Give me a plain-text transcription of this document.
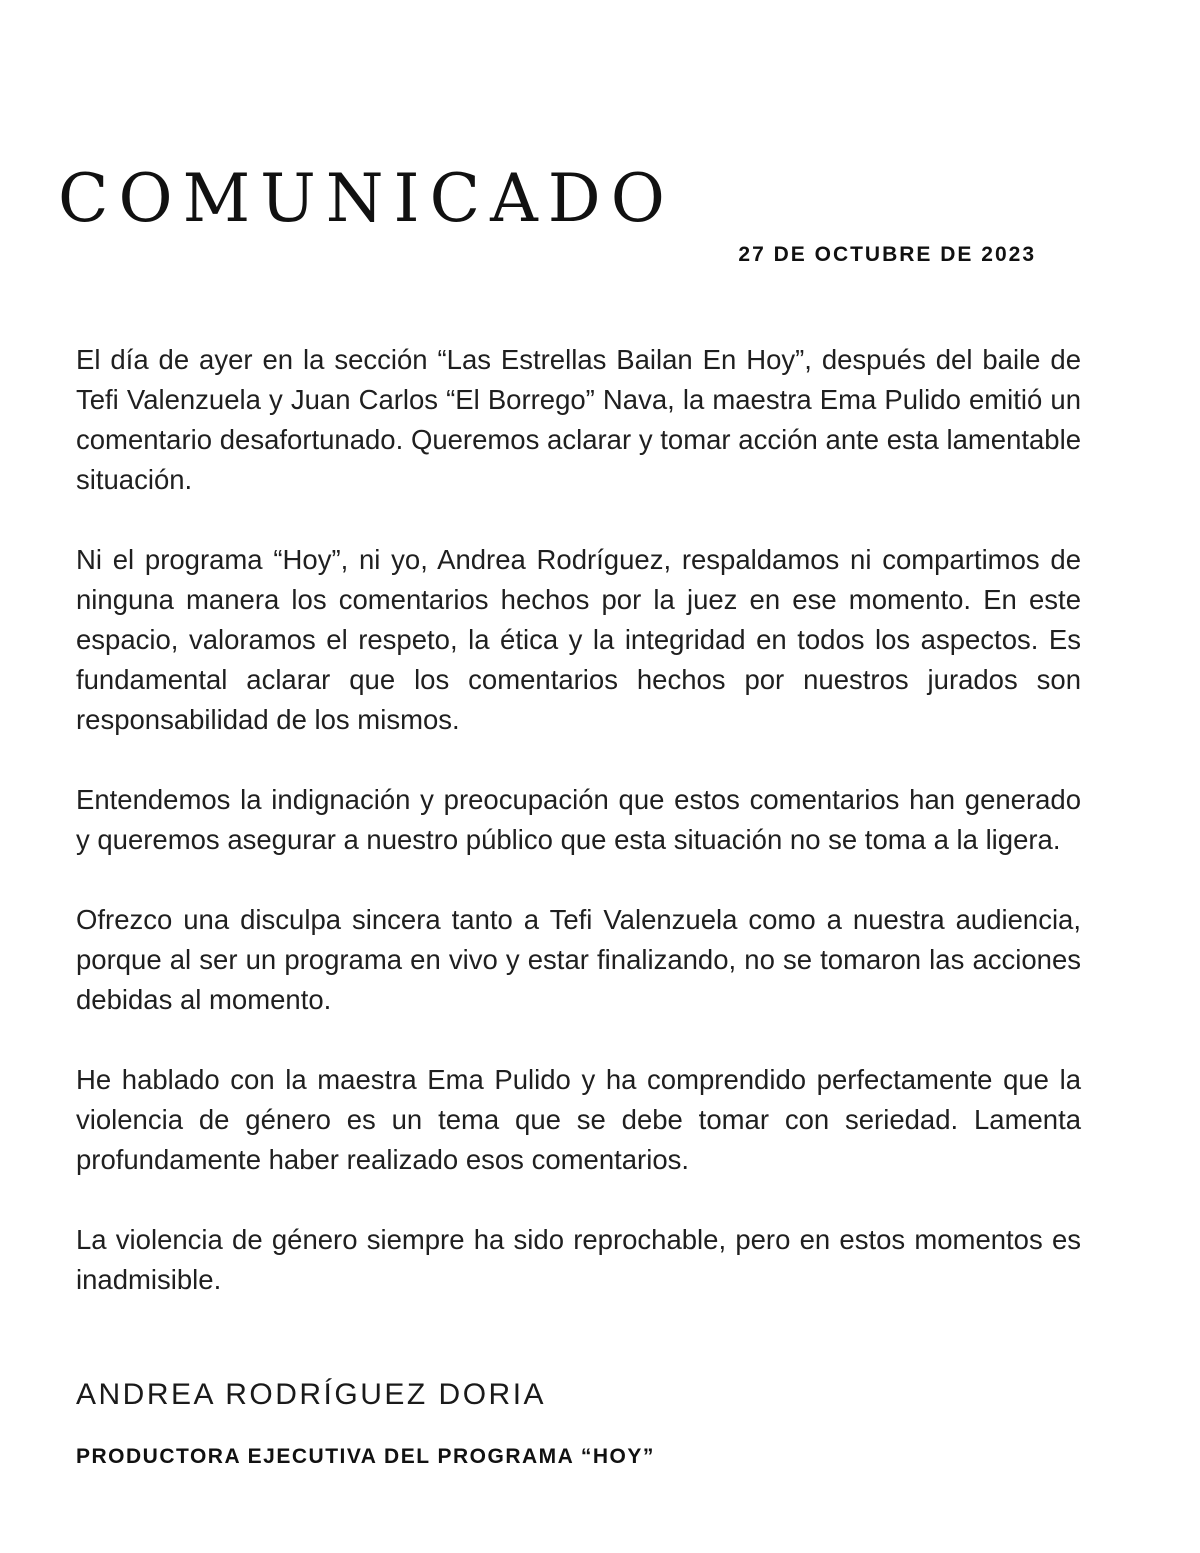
COMUNICADO
27 DE OCTUBRE DE 2023

El día de ayer en la sección “Las Estrellas Bailan En Hoy”, después del baile de Tefi Valenzuela y Juan Carlos “El Borrego” Nava, la maestra Ema Pulido emitió un comentario desafortunado. Queremos aclarar y tomar acción ante esta lamentable situación.

Ni el programa “Hoy”, ni yo, Andrea Rodríguez, respaldamos ni compartimos de ninguna manera los comentarios hechos por la juez en ese momento. En este espacio, valoramos el respeto, la ética y la integridad en todos los aspectos. Es fundamental aclarar que los comentarios hechos por nuestros jurados son responsabilidad de los mismos.

Entendemos la indignación y preocupación que estos comentarios han generado y queremos asegurar a nuestro público que esta situación no se toma a la ligera.

Ofrezco una disculpa sincera tanto a Tefi Valenzuela como a nuestra audiencia, porque al ser un programa en vivo y estar finalizando, no se tomaron las acciones debidas al momento.

He hablado con la maestra Ema Pulido y ha comprendido perfectamente que la violencia de género es un tema que se debe tomar con seriedad. Lamenta profundamente haber realizado esos comentarios.

La violencia de género siempre ha sido reprochable, pero en estos momentos es inadmisible.

ANDREA RODRÍGUEZ DORIA
PRODUCTORA EJECUTIVA DEL PROGRAMA “HOY”
